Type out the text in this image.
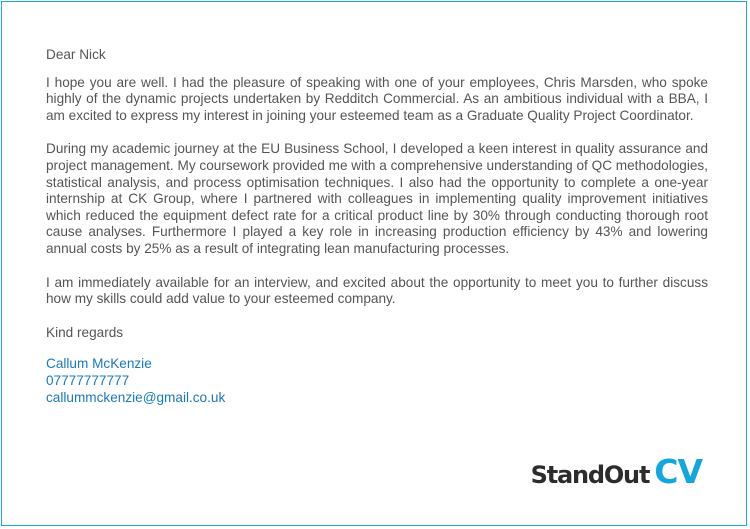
Dear Nick

I hope you are well. I had the pleasure of speaking with one of your employees, Chris Marsden, who spoke highly of the dynamic projects undertaken by Redditch Commercial. As an ambitious individual with a BBA, I am excited to express my interest in joining your esteemed team as a Graduate Quality Project Coordinator.

During my academic journey at the EU Business School, I developed a keen interest in quality assurance and project management. My coursework provided me with a comprehensive understanding of QC methodologies, statistical analysis, and process optimisation techniques. I also had the opportunity to complete a one-year internship at CK Group, where I partnered with colleagues in implementing quality improvement initiatives which reduced the equipment defect rate for a critical product line by 30% through conducting thorough root cause analyses. Furthermore I played a key role in increasing production efficiency by 43% and lowering annual costs by 25% as a result of integrating lean manufacturing processes.

I am immediately available for an interview, and excited about the opportunity to meet you to further discuss how my skills could add value to your esteemed company.

Kind regards

Callum McKenzie

07777777777

callummckenzie@gmail.co.uk

StandOut CV
